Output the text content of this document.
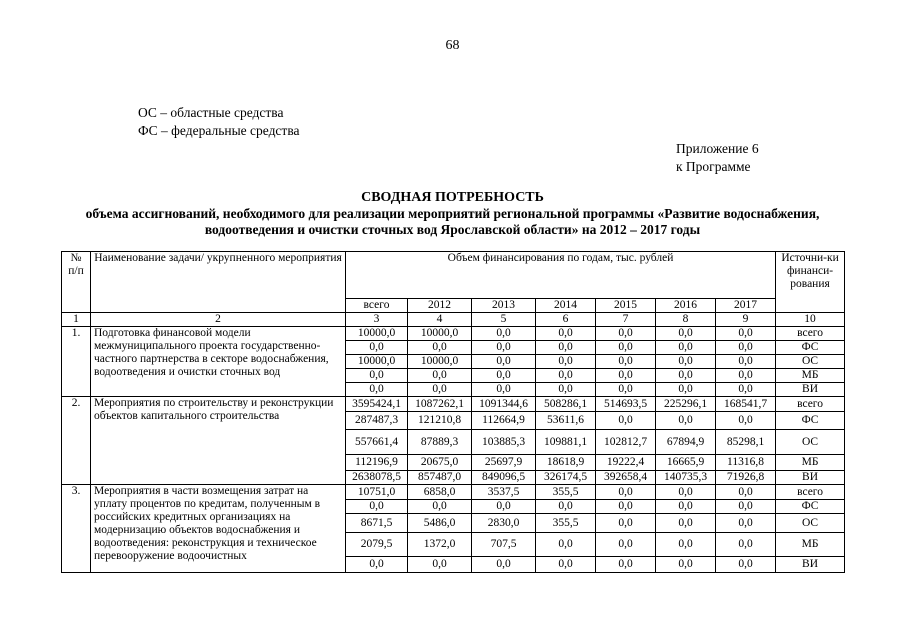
68
ОС – областные средства
ФС – федеральные средства
Приложение 6
к Программе
СВОДНАЯ ПОТРЕБНОСТЬ
объема ассигнований, необходимого для реализации мероприятий региональной программы «Развитие водоснабжения, водоотведения и очистки сточных вод Ярославской области» на 2012 – 2017 годы
№ п/п	Наименование задачи/ укрупненного мероприятия	Объем финансирования по годам, тыс. рублей							Источни-ки финанси-рования
		всего	2012	2013	2014	2015	2016	2017	
1	2	3	4	5	6	7	8	9	10
1.	Подготовка финансовой модели межмуниципального проекта государственно-частного партнерства в секторе водоснабжения, водоотведения и очистки сточных вод	10000,0	10000,0	0,0	0,0	0,0	0,0	0,0	всего
		0,0	0,0	0,0	0,0	0,0	0,0	0,0	ФС
		10000,0	10000,0	0,0	0,0	0,0	0,0	0,0	ОС
		0,0	0,0	0,0	0,0	0,0	0,0	0,0	МБ
		0,0	0,0	0,0	0,0	0,0	0,0	0,0	ВИ
2.	Мероприятия по строительству и реконструкции объектов капитального строительства	3595424,1	1087262,1	1091344,6	508286,1	514693,5	225296,1	168541,7	всего
		287487,3	121210,8	112664,9	53611,6	0,0	0,0	0,0	ФС
		557661,4	87889,3	103885,3	109881,1	102812,7	67894,9	85298,1	ОС
		112196,9	20675,0	25697,9	18618,9	19222,4	16665,9	11316,8	МБ
		2638078,5	857487,0	849096,5	326174,5	392658,4	140735,3	71926,8	ВИ
3.	Мероприятия в части возмещения затрат на уплату процентов по кредитам, полученным в российских кредитных организациях на модернизацию объектов водоснабжения и водоотведения: реконструкция и техническое перевооружение водоочистных	10751,0	6858,0	3537,5	355,5	0,0	0,0	0,0	всего
		0,0	0,0	0,0	0,0	0,0	0,0	0,0	ФС
		8671,5	5486,0	2830,0	355,5	0,0	0,0	0,0	ОС
		2079,5	1372,0	707,5	0,0	0,0	0,0	0,0	МБ
		0,0	0,0	0,0	0,0	0,0	0,0	0,0	ВИ
